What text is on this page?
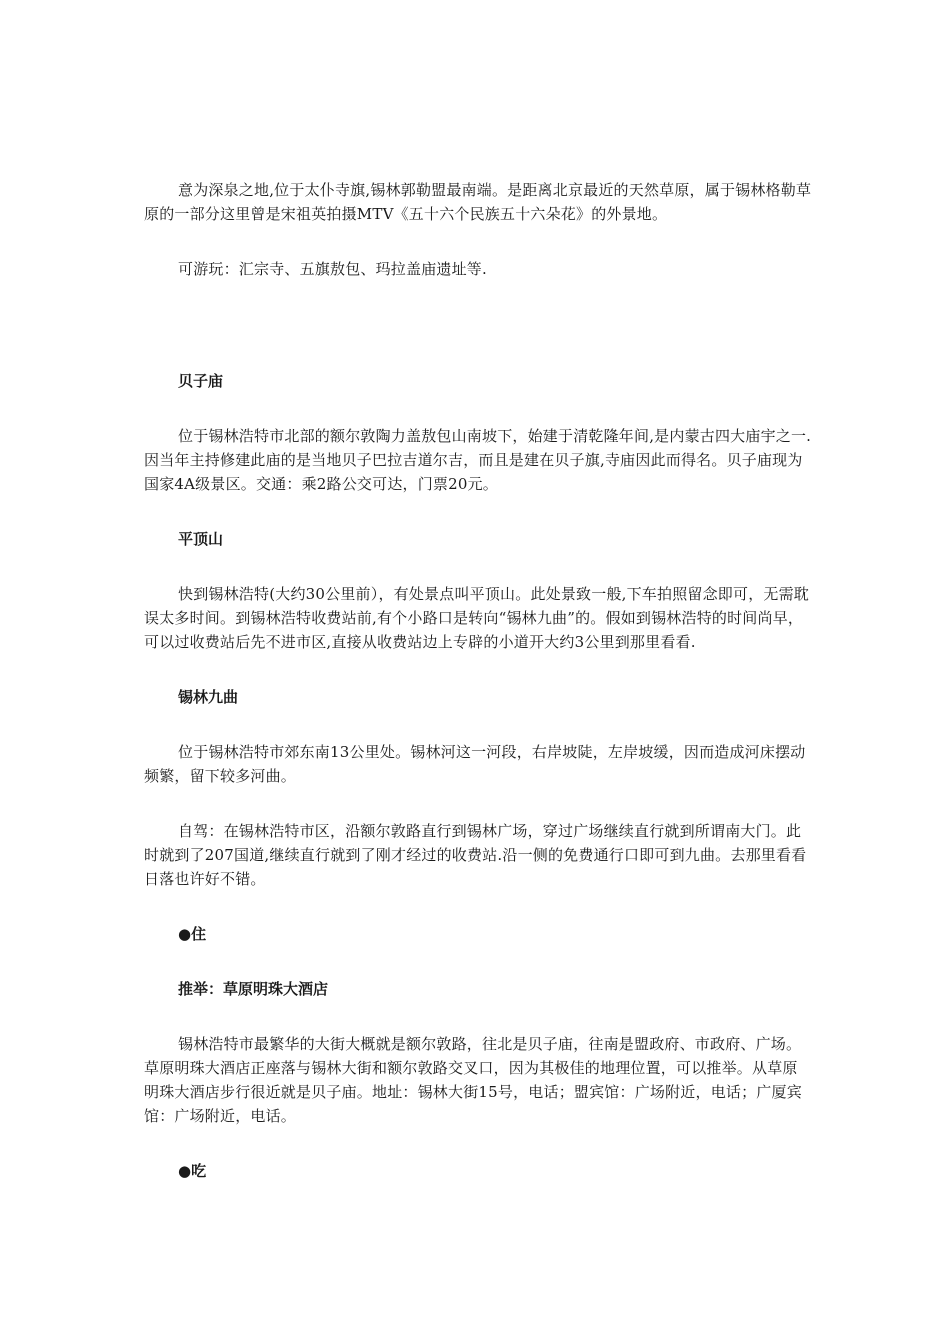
意为深泉之地,位于太仆寺旗,锡林郭勒盟最南端。是距离北京最近的天然草原，属于锡林格勒草原的一部分这里曾是宋祖英拍摄MTV《五十六个民族五十六朵花》的外景地。

可游玩：汇宗寺、五旗敖包、玛拉盖庙遗址等.

贝子庙

位于锡林浩特市北部的额尔敦陶力盖敖包山南坡下，始建于清乾隆年间,是内蒙古四大庙宇之一.因当年主持修建此庙的是当地贝子巴拉吉道尔吉，而且是建在贝子旗,寺庙因此而得名。贝子庙现为国家4A级景区。交通：乘2路公交可达，门票20元。

平顶山

快到锡林浩特(大约30公里前），有处景点叫平顶山。此处景致一般,下车拍照留念即可，无需耽误太多时间。到锡林浩特收费站前,有个小路口是转向“锡林九曲”的。假如到锡林浩特的时间尚早，可以过收费站后先不进市区,直接从收费站边上专辟的小道开大约3公里到那里看看.

锡林九曲

位于锡林浩特市郊东南13公里处。锡林河这一河段，右岸坡陡，左岸坡缓，因而造成河床摆动频繁，留下较多河曲。

自驾：在锡林浩特市区，沿额尔敦路直行到锡林广场，穿过广场继续直行就到所谓南大门。此时就到了207国道,继续直行就到了刚才经过的收费站.沿一侧的免费通行口即可到九曲。去那里看看日落也许好不错。

●住

推举：草原明珠大酒店

锡林浩特市最繁华的大街大概就是额尔敦路，往北是贝子庙，往南是盟政府、市政府、广场。草原明珠大酒店正座落与锡林大街和额尔敦路交叉口，因为其极佳的地理位置，可以推举。从草原明珠大酒店步行很近就是贝子庙。地址：锡林大街15号，电话；盟宾馆：广场附近，电话；广厦宾馆：广场附近，电话。

●吃
